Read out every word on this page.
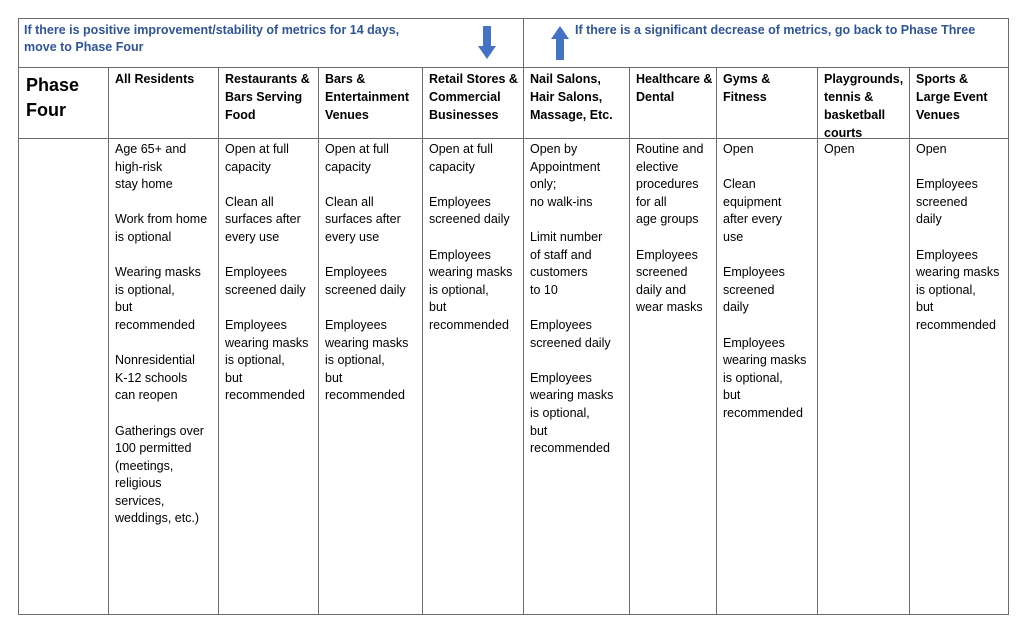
If there is positive improvement/stability of metrics for 14 days, move to Phase Four
If there is a significant decrease of metrics, go back to Phase Three
Phase
Four
All Residents

Age 65+ and
high-risk
stay home

Work from home
is optional

Wearing masks
is optional,
but
recommended

Nonresidential
K-12 schools
can reopen

Gatherings over
100 permitted
(meetings,
religious
services,
weddings, etc.)

Restaurants &
Bars Serving
Food

Open at full
capacity

Clean all
surfaces after
every use

Employees
screened daily

Employees
wearing masks
is optional,
but
recommended

Bars &
Entertainment
Venues

Open at full
capacity

Clean all
surfaces after
every use

Employees
screened daily

Employees
wearing masks
is optional,
but
recommended

Retail Stores &
Commercial
Businesses

Open at full
capacity

Employees
screened daily

Employees
wearing masks
is optional,
but
recommended

Nail Salons,
Hair Salons,
Massage, Etc.

Open by
Appointment
only;
no walk-ins

Limit number
of staff and
customers
to 10

Employees
screened daily

Employees
wearing masks
is optional,
but
recommended

Healthcare &
Dental

Routine and
elective
procedures
for all
age groups

Employees
screened
daily and
wear masks

Gyms &
Fitness

Open

Clean
equipment
after every
use

Employees
screened
daily

Employees
wearing masks
is optional,
but
recommended

Playgrounds,
tennis &
basketball
courts

Open

Sports &
Large Event
Venues

Open

Employees
screened
daily

Employees
wearing masks
is optional,
but
recommended
